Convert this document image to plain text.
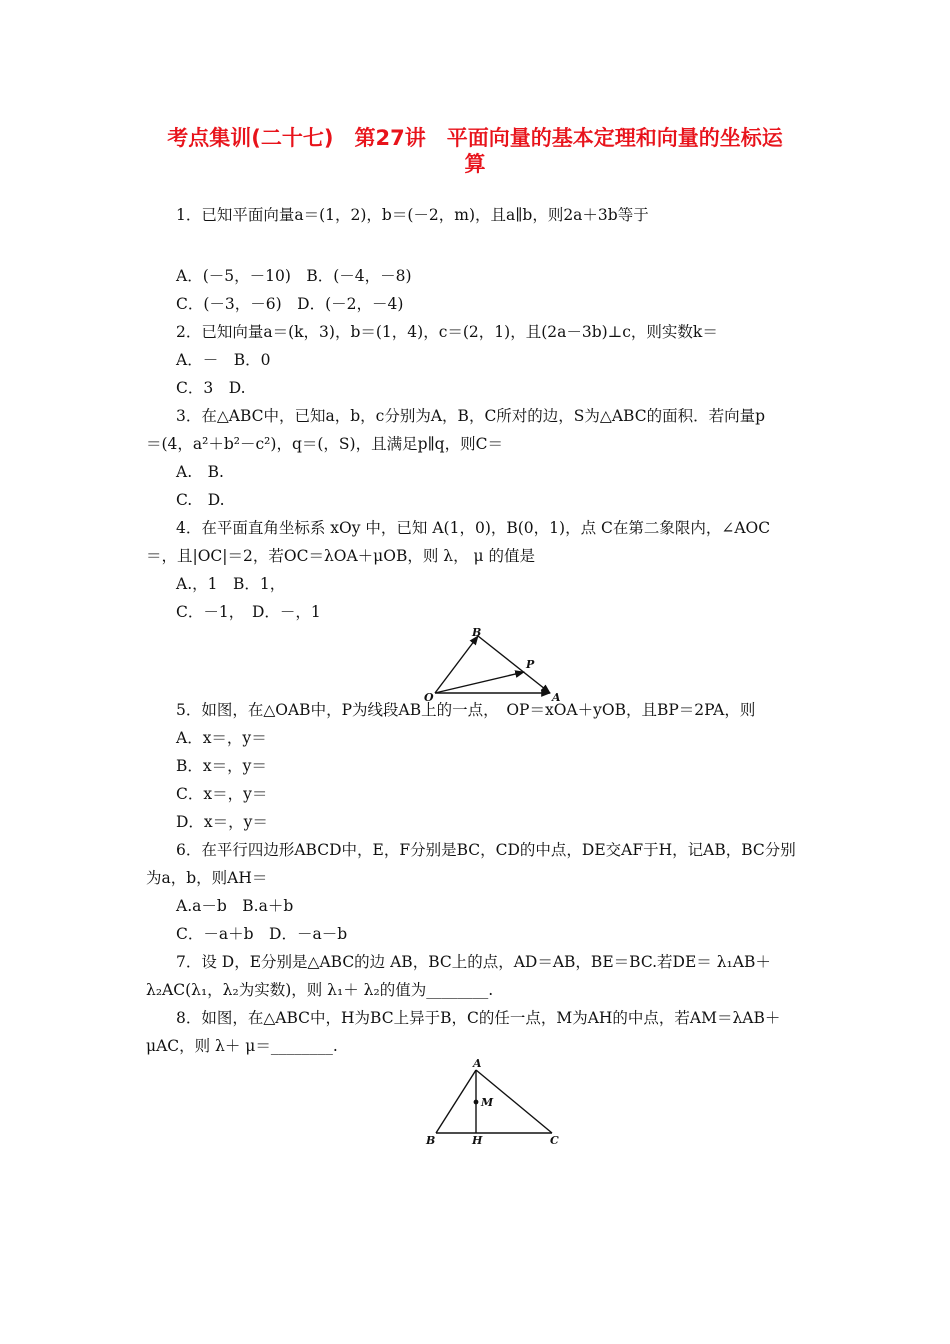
考点集训(二十七)　第27讲　平面向量的基本定理和向量的坐标运
算
1．已知平面向量a＝(1，2)，b＝(－2，m)，且a∥b，则2a＋3b等于
A．(－5，－10)　B．(－4，－8)
C．(－3，－6)　D．(－2，－4)
2．已知向量a＝(k，3)，b＝(1，4)，c＝(2，1)，且(2a－3b)⊥c，则实数k＝
A．－　B．0
C．3　D.
3．在△ABC中，已知a，b，c分别为A，B，C所对的边，S为△ABC的面积．若向量p
＝(4，a²＋b²－c²)，q＝(，S)，且满足p∥q，则C＝
A.　B.
C.　D.
4．在平面直角坐标系 xOy 中，已知 A(1，0)，B(0，1)，点 C在第二象限内，∠AOC
＝，且|OC|＝2，若OC＝λOA＋μOB，则 λ， μ 的值是
A.，1　B．1，
C．－1，　D．－，1
B
P
O	A
5．如图，在△OAB中，P为线段AB上的一点，　OP＝xOA＋yOB，且BP＝2PA，则
A．x＝，y＝
B．x＝，y＝
C．x＝，y＝
D．x＝，y＝
6．在平行四边形ABCD中，E，F分别是BC，CD的中点，DE交AF于H，记AB，BC分别
为a，b，则AH＝
A.a－b　B.a＋b
C．－a＋b　D．－a－b
7．设 D，E分别是△ABC的边 AB，BC上的点，AD＝AB，BE＝BC.若DE＝ λ₁AB＋
λ₂AC(λ₁，λ₂为实数)，则 λ₁＋ λ₂的值为________.
8．如图，在△ABC中，H为BC上异于B，C的任一点，M为AH的中点，若AM＝λAB＋
μAC，则 λ＋ μ＝________.
A
M
B	H	C
